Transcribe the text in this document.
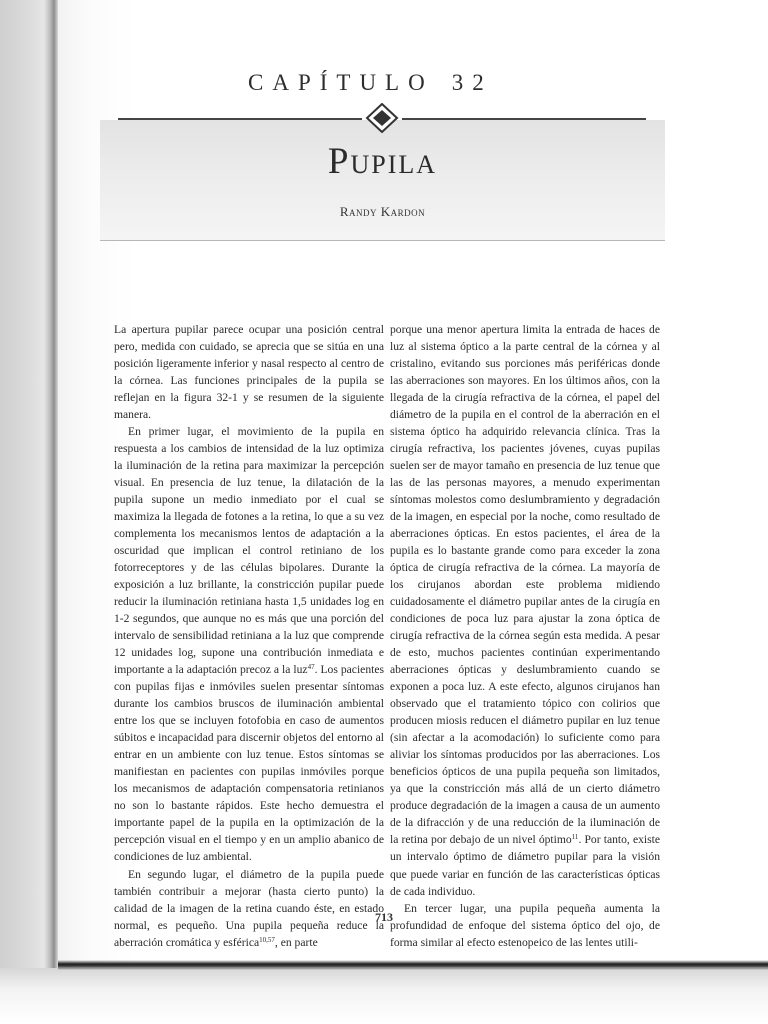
CAPÍTULO 32
Pupila
Randy Kardon

La apertura pupilar parece ocupar una posición central pero, medida con cuidado, se aprecia que se sitúa en una posición ligeramente inferior y nasal respecto al centro de la córnea. Las funciones principales de la pupila se reflejan en la figura 32-1 y se resumen de la siguiente manera.

En primer lugar, el movimiento de la pupila en respuesta a los cambios de intensidad de la luz optimiza la iluminación de la retina para maximizar la percepción visual. En presencia de luz tenue, la dilatación de la pupila supone un medio inmediato por el cual se maximiza la llegada de fotones a la retina, lo que a su vez complementa los mecanismos lentos de adaptación a la oscuridad que implican el control retiniano de los fotorreceptores y de las células bipolares. Durante la exposición a luz brillante, la constricción pupilar puede reducir la iluminación retiniana hasta 1,5 unidades log en 1-2 segundos, que aunque no es más que una porción del intervalo de sensibilidad retiniana a la luz que comprende 12 unidades log, supone una contribución inmediata e importante a la adaptación precoz a la luz$^{47}$. Los pacientes con pupilas fijas e inmóviles suelen presentar síntomas durante los cambios bruscos de iluminación ambiental entre los que se incluyen fotofobia en caso de aumentos súbitos e incapacidad para discernir objetos del entorno al entrar en un ambiente con luz tenue. Estos síntomas se manifiestan en pacientes con pupilas inmóviles porque los mecanismos de adaptación compensatoria retinianos no son lo bastante rápidos. Este hecho demuestra el importante papel de la pupila en la optimización de la percepción visual en el tiempo y en un amplio abanico de condiciones de luz ambiental.

En segundo lugar, el diámetro de la pupila puede también contribuir a mejorar (hasta cierto punto) la calidad de la imagen de la retina cuando éste, en estado normal, es pequeño. Una pupila pequeña reduce la aberración cromática y esférica$^{10,57}$, en parte

porque una menor apertura limita la entrada de haces de luz al sistema óptico a la parte central de la córnea y al cristalino, evitando sus porciones más periféricas donde las aberraciones son mayores. En los últimos años, con la llegada de la cirugía refractiva de la córnea, el papel del diámetro de la pupila en el control de la aberración en el sistema óptico ha adquirido relevancia clínica. Tras la cirugía refractiva, los pacientes jóvenes, cuyas pupilas suelen ser de mayor tamaño en presencia de luz tenue que las de las personas mayores, a menudo experimentan síntomas molestos como deslumbramiento y degradación de la imagen, en especial por la noche, como resultado de aberraciones ópticas. En estos pacientes, el área de la pupila es lo bastante grande como para exceder la zona óptica de cirugía refractiva de la córnea. La mayoría de los cirujanos abordan este problema midiendo cuidadosamente el diámetro pupilar antes de la cirugía en condiciones de poca luz para ajustar la zona óptica de cirugía refractiva de la córnea según esta medida. A pesar de esto, muchos pacientes continúan experimentando aberraciones ópticas y deslumbramiento cuando se exponen a poca luz. A este efecto, algunos cirujanos han observado que el tratamiento tópico con colirios que producen miosis reducen el diámetro pupilar en luz tenue (sin afectar a la acomodación) lo suficiente como para aliviar los síntomas producidos por las aberraciones. Los beneficios ópticos de una pupila pequeña son limitados, ya que la constricción más allá de un cierto diámetro produce degradación de la imagen a causa de un aumento de la difracción y de una reducción de la iluminación de la retina por debajo de un nivel óptimo$^{11}$. Por tanto, existe un intervalo óptimo de diámetro pupilar para la visión que puede variar en función de las características ópticas de cada individuo.

En tercer lugar, una pupila pequeña aumenta la profundidad de enfoque del sistema óptico del ojo, de forma similar al efecto estenopeico de las lentes utili-

713
